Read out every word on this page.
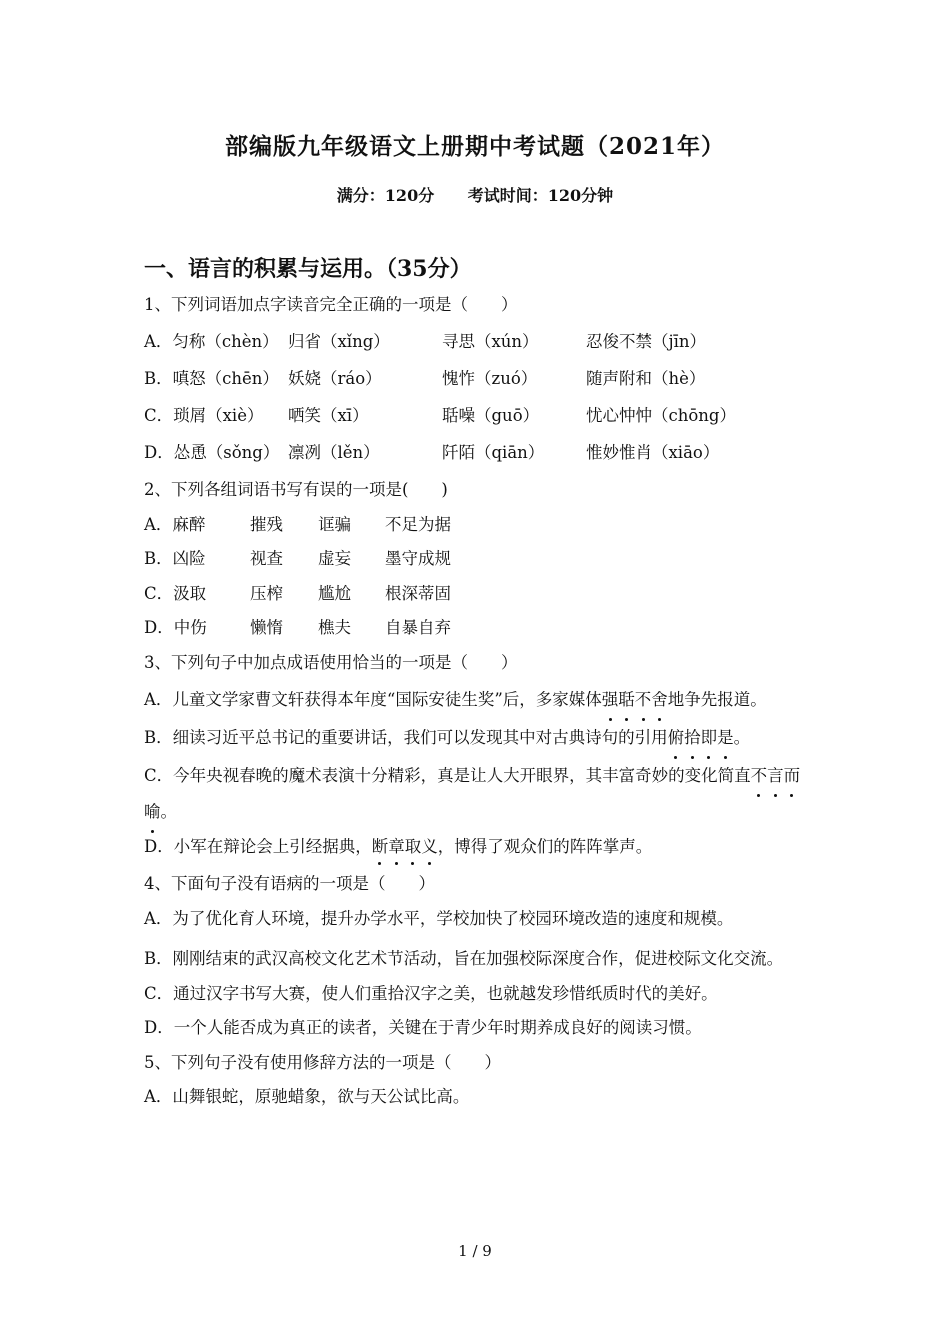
部编版九年级语文上册期中考试题（2021年）
满分：120分 考试时间：120分钟
一、语言的积累与运用。（35分）
1、下列词语加点字读音完全正确的一项是（　　）
A．匀称（chèn） 归省（xǐng）	寻思（xún）	忍俊不禁（jīn）
B．嗔怒（chēn） 妖娆（ráo）	愧怍（zuó）	随声附和（hè）
C．琐屑（xiè）	哂笑（xī）	聒噪（guō）	忧心忡忡（chōng）
D．怂恿（sǒng） 凛冽（lěn）	阡陌（qiān）	惟妙惟肖（xiāo）
2、下列各组词语书写有误的一项是(　　)
A．麻醉	摧残	诓骗	不足为据
B．凶险	视查	虚妄	墨守成规
C．汲取	压榨	尴尬	根深蒂固
D．中伤	懒惰	樵夫	自暴自弃
3、下列句子中加点成语使用恰当的一项是（　　）
A．儿童文学家曹文轩获得本年度“国际安徒生奖”后，多家媒体强聒不舍地争先报道。
B．细读习近平总书记的重要讲话，我们可以发现其中对古典诗句的引用俯拾即是。
C．今年央视春晚的魔术表演十分精彩，真是让人大开眼界，其丰富奇妙的变化简直不言而喻。
D．小军在辩论会上引经据典，断章取义，博得了观众们的阵阵掌声。
4、下面句子没有语病的一项是（　　）
A．为了优化育人环境，提升办学水平，学校加快了校园环境改造的速度和规模。
B．刚刚结束的武汉高校文化艺术节活动，旨在加强校际深度合作，促进校际文化交流。
C．通过汉字书写大赛，使人们重拾汉字之美，也就越发珍惜纸质时代的美好。
D．一个人能否成为真正的读者，关键在于青少年时期养成良好的阅读习惯。
5、下列句子没有使用修辞方法的一项是（　　）
A．山舞银蛇，原驰蜡象，欲与天公试比高。
1 / 9
